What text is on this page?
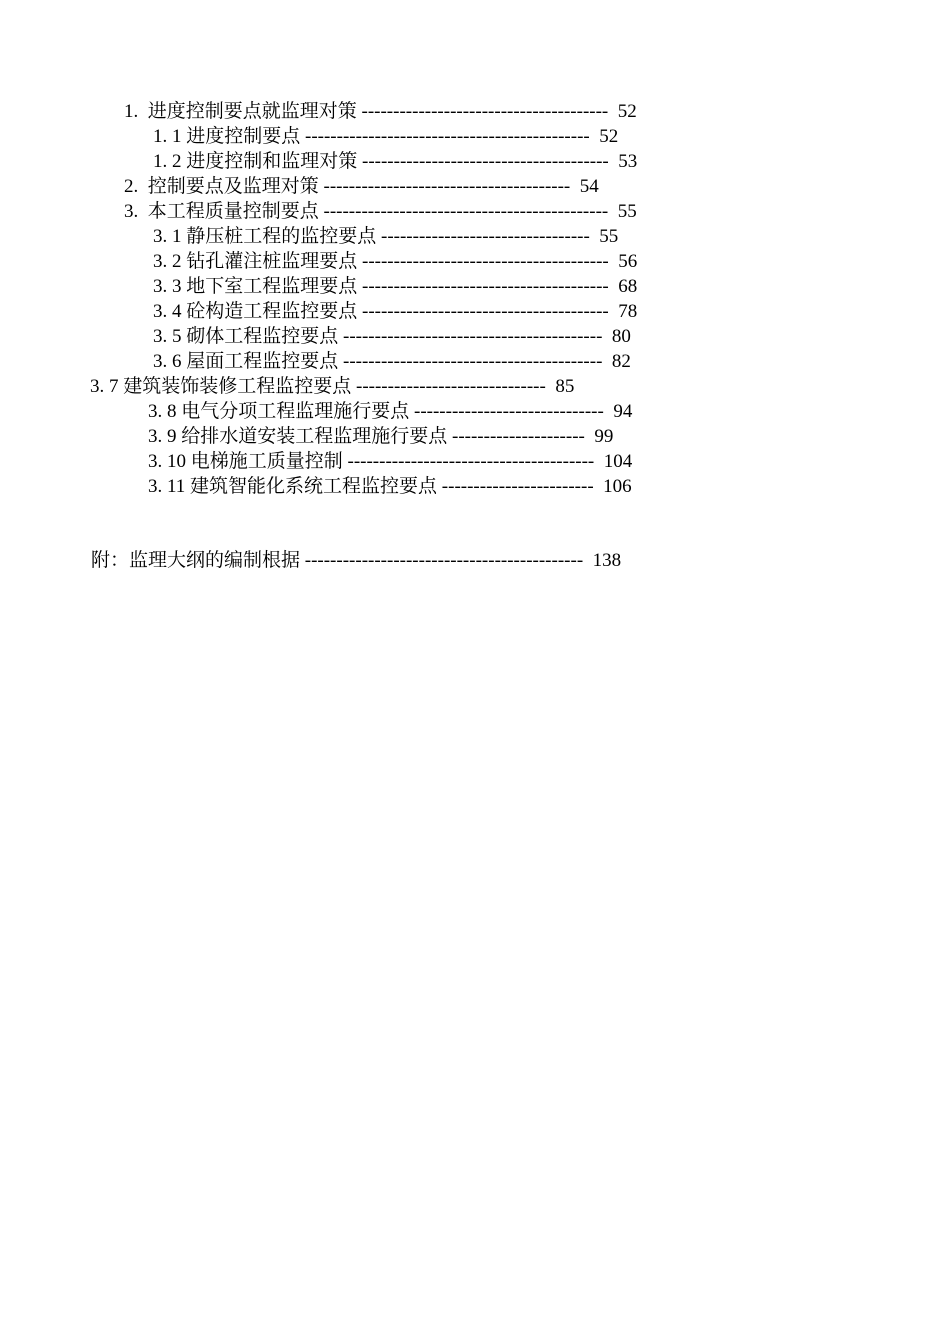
1.  进度控制要点就监理对策 ---------------------------------------  52
1. 1 进度控制要点 ---------------------------------------------  52
1. 2 进度控制和监理对策 ---------------------------------------  53
2.  控制要点及监理对策 ---------------------------------------  54
3.  本工程质量控制要点 ---------------------------------------------  55
3. 1 静压桩工程的监控要点 ---------------------------------  55
3. 2 钻孔灌注桩监理要点 ---------------------------------------  56
3. 3 地下室工程监理要点 ---------------------------------------  68
3. 4 砼构造工程监控要点 ---------------------------------------  78
3. 5 砌体工程监控要点 -----------------------------------------  80
3. 6 屋面工程监控要点 -----------------------------------------  82
3. 7 建筑装饰装修工程监控要点 ------------------------------  85
3. 8 电气分项工程监理施行要点 ------------------------------  94
3. 9 给排水道安装工程监理施行要点 ---------------------  99
3. 10 电梯施工质量控制 ---------------------------------------  104
3. 11 建筑智能化系统工程监控要点 ------------------------  106
附：监理大纲的编制根据 --------------------------------------------  138
